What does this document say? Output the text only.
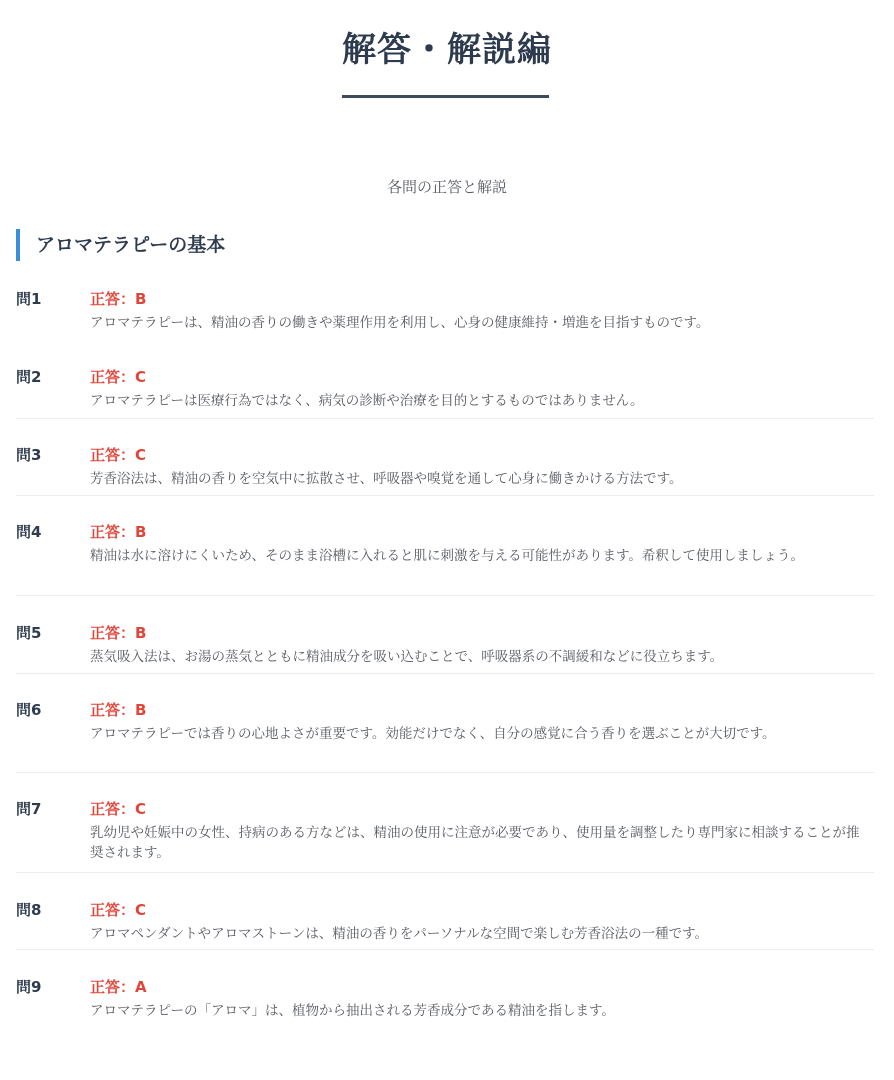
解答・解説編
各問の正答と解説
アロマテラピーの基本
問1	正答：B
アロマテラピーは、精油の香りの働きや薬理作用を利用し、心身の健康維持・増進を目指すものです。
問2	正答：C
アロマテラピーは医療行為ではなく、病気の診断や治療を目的とするものではありません。
問3	正答：C
芳香浴法は、精油の香りを空気中に拡散させ、呼吸器や嗅覚を通して心身に働きかける方法です。
問4	正答：B
精油は水に溶けにくいため、そのまま浴槽に入れると肌に刺激を与える可能性があります。希釈して使用しましょう。
問5	正答：B
蒸気吸入法は、お湯の蒸気とともに精油成分を吸い込むことで、呼吸器系の不調緩和などに役立ちます。
問6	正答：B
アロマテラピーでは香りの心地よさが重要です。効能だけでなく、自分の感覚に合う香りを選ぶことが大切です。
問7	正答：C
乳幼児や妊娠中の女性、持病のある方などは、精油の使用に注意が必要であり、使用量を調整したり専門家に相談することが推奨されます。
問8	正答：C
アロマペンダントやアロマストーンは、精油の香りをパーソナルな空間で楽しむ芳香浴法の一種です。
問9	正答：A
アロマテラピーの「アロマ」は、植物から抽出される芳香成分である精油を指します。
